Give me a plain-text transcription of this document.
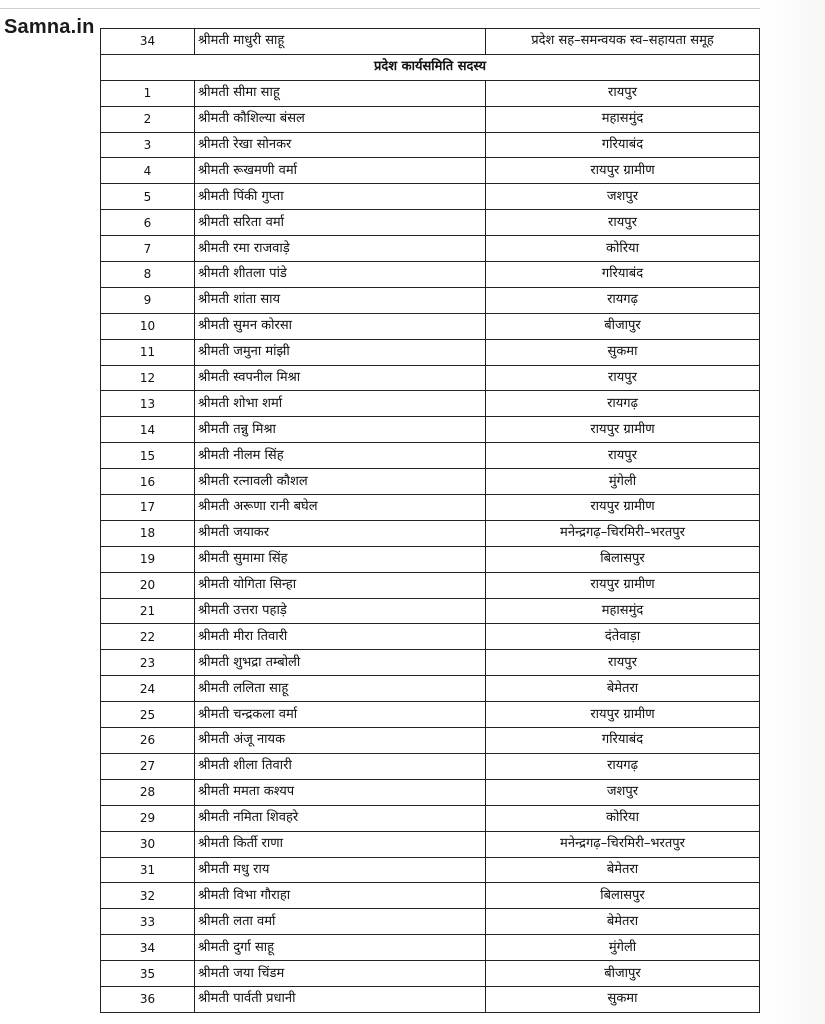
Samna.in
34	श्रीमती माधुरी साहू	प्रदेश सह–समन्वयक स्व–सहायता समूह
प्रदेश कार्यसमिति सदस्य		
1	श्रीमती सीमा साहू	रायपुर
2	श्रीमती कौशिल्या बंसल	महासमुंद
3	श्रीमती रेखा सोनकर	गरियाबंद
4	श्रीमती रूखमणी वर्मा	रायपुर ग्रामीण
5	श्रीमती पिंकी गुप्ता	जशपुर
6	श्रीमती सरिता वर्मा	रायपुर
7	श्रीमती रमा राजवाड़े	कोरिया
8	श्रीमती शीतला पांडे	गरियाबंद
9	श्रीमती शांता साय	रायगढ़
10	श्रीमती सुमन कोरसा	बीजापुर
11	श्रीमती जमुना मांझी	सुकमा
12	श्रीमती स्वपनील मिश्रा	रायपुर
13	श्रीमती शोभा शर्मा	रायगढ़
14	श्रीमती तन्नु मिश्रा	रायपुर ग्रामीण
15	श्रीमती नीलम सिंह	रायपुर
16	श्रीमती रत्नावली कौशल	मुंगेली
17	श्रीमती अरूणा रानी बघेल	रायपुर ग्रामीण
18	श्रीमती जयाकर	मनेन्द्रगढ़–चिरमिरी–भरतपुर
19	श्रीमती सुमामा सिंह	बिलासपुर
20	श्रीमती योगिता सिन्हा	रायपुर ग्रामीण
21	श्रीमती उत्तरा पहाड़े	महासमुंद
22	श्रीमती मीरा तिवारी	दंतेवाड़ा
23	श्रीमती शुभद्रा तम्बोली	रायपुर
24	श्रीमती ललिता साहू	बेमेतरा
25	श्रीमती चन्द्रकला वर्मा	रायपुर ग्रामीण
26	श्रीमती अंजू नायक	गरियाबंद
27	श्रीमती शीला तिवारी	रायगढ़
28	श्रीमती ममता कश्यप	जशपुर
29	श्रीमती नमिता शिवहरे	कोरिया
30	श्रीमती किर्ती राणा	मनेन्द्रगढ़–चिरमिरी–भरतपुर
31	श्रीमती मधु राय	बेमेतरा
32	श्रीमती विभा गौराहा	बिलासपुर
33	श्रीमती लता वर्मा	बेमेतरा
34	श्रीमती दुर्गा साहू	मुंगेली
35	श्रीमती जया चिंडम	बीजापुर
36	श्रीमती पार्वती प्रधानी	सुकमा
